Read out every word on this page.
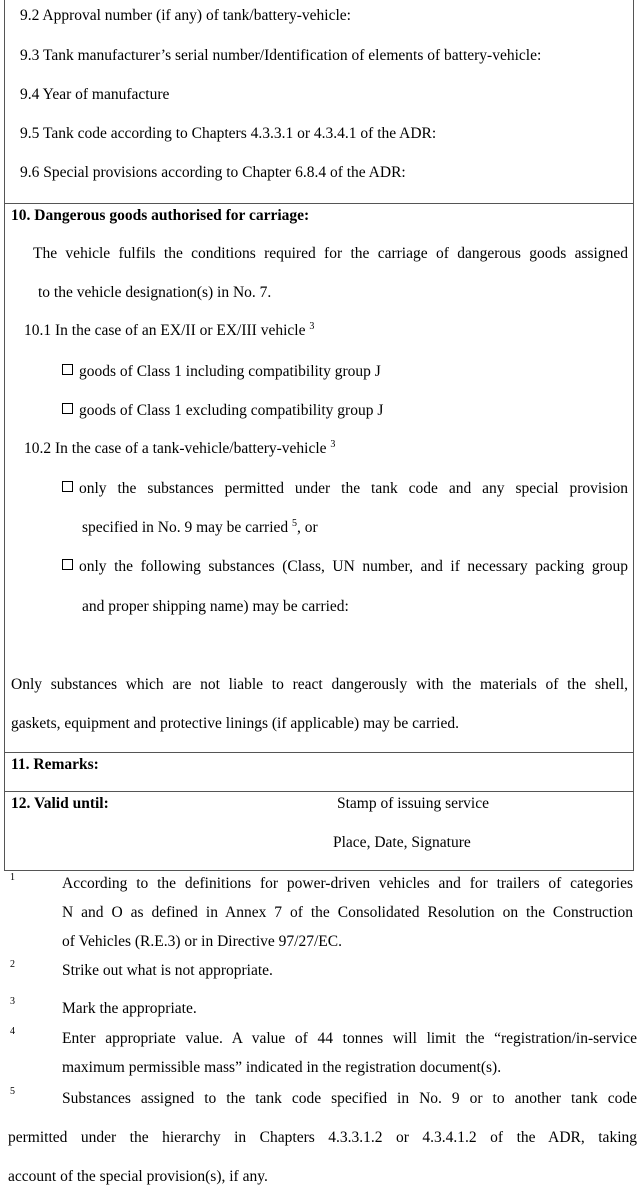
9.2 Approval number (if any) of tank/battery-vehicle:
9.3 Tank manufacturer’s serial number/Identification of elements of battery-vehicle:
9.4 Year of manufacture
9.5 Tank code according to Chapters 4.3.3.1 or 4.3.4.1 of the ADR:
9.6 Special provisions according to Chapter 6.8.4 of the ADR:
10. Dangerous goods authorised for carriage:
The vehicle fulfils the conditions required for the carriage of dangerous goods assigned
to the vehicle designation(s) in No. 7.
10.1 In the case of an EX/II or EX/III vehicle $^3$
goods of Class 1 including compatibility group J
goods of Class 1 excluding compatibility group J
10.2 In the case of a tank-vehicle/battery-vehicle $^3$
only the substances permitted under the tank code and any special provision
specified in No. 9 may be carried $^5$, or
only the following substances (Class, UN number, and if necessary packing group
and proper shipping name) may be carried:
Only substances which are not liable to react dangerously with the materials of the shell,
gaskets, equipment and protective linings (if applicable) may be carried.
11. Remarks:
12. Valid until:	Stamp of issuing service
Place, Date, Signature
1	According to the definitions for power-driven vehicles and for trailers of categories
N and O as defined in Annex 7 of the Consolidated Resolution on the Construction
of Vehicles (R.E.3) or in Directive 97/27/EC.
2	Strike out what is not appropriate.
3	Mark the appropriate.
4	Enter appropriate value. A value of 44 tonnes will limit the “registration/in-service
maximum permissible mass” indicated in the registration document(s).
5	Substances assigned to the tank code specified in No. 9 or to another tank code
permitted under the hierarchy in Chapters 4.3.3.1.2 or 4.3.4.1.2 of the ADR, taking
account of the special provision(s), if any.
